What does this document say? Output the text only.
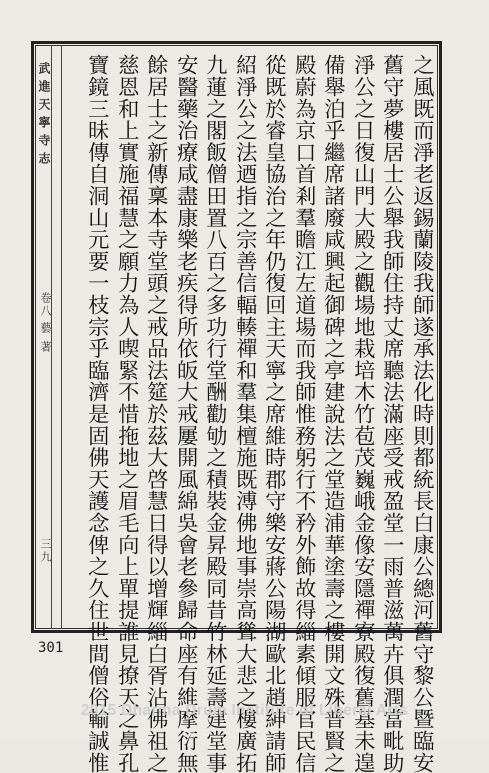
武進天寧寺志
卷八
藝著
三九	之風既而淨老返錫蘭陵我師遂承法化時則都統長白康公總河舊守黎公暨臨安
舊守夢樓居士公舉我師住持丈席聽法滿座受戒盈堂一雨普滋萬卉俱潤當毗助
淨公之日復山門大殿之觀場地栽培木竹苞茂巍峨金像安隱禪寮殿復舊基未遑
備舉泊乎繼席諸廢咸興起御碑之亭建說法之堂造浦華塗壽之樓開文殊普賢之
殿蔚為京口首剎羣瞻江左道場而我師惟務躬行不矜外飾故得緇素傾服官民信
從既於睿皇協治之年仍復回主天寧之席維時郡守樂安蔣公陽湖歐北趙紳請師
紹淨公之法迺指之宗善信輻輳禪和羣集檀施既溥佛地事崇高聳大悲之樓廣拓
九蓮之閣飯僧田置八百之多功行堂酬勸劬之積裝金昇殿同昔竹林延壽建堂事
安醫藥治療咸盡康樂老疾得所依皈大戒屢開風綿吳會老參歸命座有維摩衍無
餘居士之新傳稟本寺堂頭之戒品法筵於茲大啓慧日得以增輝緇白胥沾佛祖之
慈恩和上實施福慧之願力為人喫緊不惜拖地之眉毛向上單提誰見撩天之鼻孔
寶鏡三昧傳自洞山元要一枝宗乎臨濟是固佛天護念俾之久住世間僧俗輸誠惟
301
2015 Dharma Drum Institute of Liberal Arts
